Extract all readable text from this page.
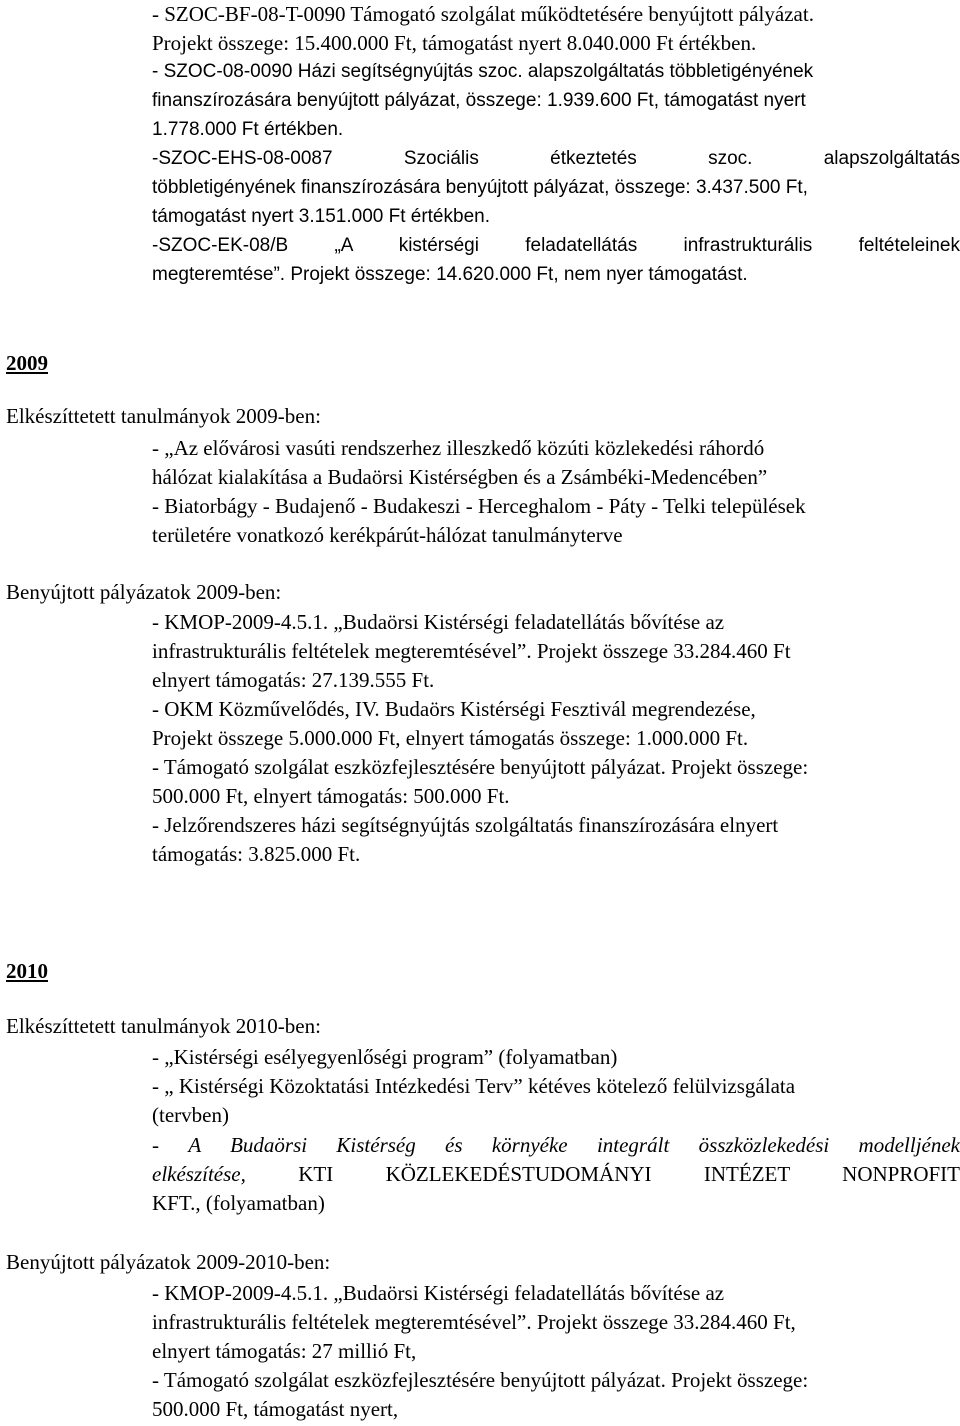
- SZOC-BF-08-T-0090 Támogató szolgálat működtetésére benyújtott pályázat.
Projekt összege: 15.400.000 Ft, támogatást nyert 8.040.000 Ft értékben.
- SZOC-08-0090 Házi segítségnyújtás szoc. alapszolgáltatás többletigényének
finanszírozására benyújtott pályázat, összege: 1.939.600 Ft, támogatást nyert
1.778.000 Ft értékben.
-SZOC-EHS-08-0087 Szociális étkeztetés szoc. alapszolgáltatás
többletigényének finanszírozására benyújtott pályázat, összege: 3.437.500 Ft,
támogatást nyert 3.151.000 Ft értékben.
-SZOC-EK-08/B „A kistérségi feladatellátás infrastrukturális feltételeinek
megteremtése”. Projekt összege: 14.620.000 Ft, nem nyer támogatást.
2009
Elkészíttetett tanulmányok 2009-ben:
- „Az elővárosi vasúti rendszerhez illeszkedő közúti közlekedési ráhordó
hálózat kialakítása a Budaörsi Kistérségben és a Zsámbéki-Medencében”
- Biatorbágy - Budajenő - Budakeszi - Herceghalom - Páty - Telki települések
területére vonatkozó kerékpárút-hálózat tanulmányterve
Benyújtott pályázatok 2009-ben:
- KMOP-2009-4.5.1. „Budaörsi Kistérségi feladatellátás bővítése az
infrastrukturális feltételek megteremtésével”. Projekt összege 33.284.460 Ft
elnyert támogatás: 27.139.555 Ft.
- OKM Közművelődés, IV. Budaörs Kistérségi Fesztivál megrendezése,
Projekt összege 5.000.000 Ft, elnyert támogatás összege: 1.000.000 Ft.
- Támogató szolgálat eszközfejlesztésére benyújtott pályázat. Projekt összege:
500.000 Ft, elnyert támogatás: 500.000 Ft.
- Jelzőrendszeres házi segítségnyújtás szolgáltatás finanszírozására elnyert
támogatás: 3.825.000 Ft.
2010
Elkészíttetett tanulmányok 2010-ben:
- „Kistérségi esélyegyenlőségi program” (folyamatban)
- „ Kistérségi Közoktatási Intézkedési Terv” kétéves kötelező felülvizsgálata
(tervben)
- A Budaörsi Kistérség és környéke integrált összközlekedési modelljének
elkészítése, KTI KÖZLEKEDÉSTUDOMÁNYI INTÉZET NONPROFIT
KFT., (folyamatban)
Benyújtott pályázatok 2009-2010-ben:
- KMOP-2009-4.5.1. „Budaörsi Kistérségi feladatellátás bővítése az
infrastrukturális feltételek megteremtésével”. Projekt összege 33.284.460 Ft,
elnyert támogatás: 27 millió Ft,
- Támogató szolgálat eszközfejlesztésére benyújtott pályázat. Projekt összege:
500.000 Ft, támogatást nyert,
